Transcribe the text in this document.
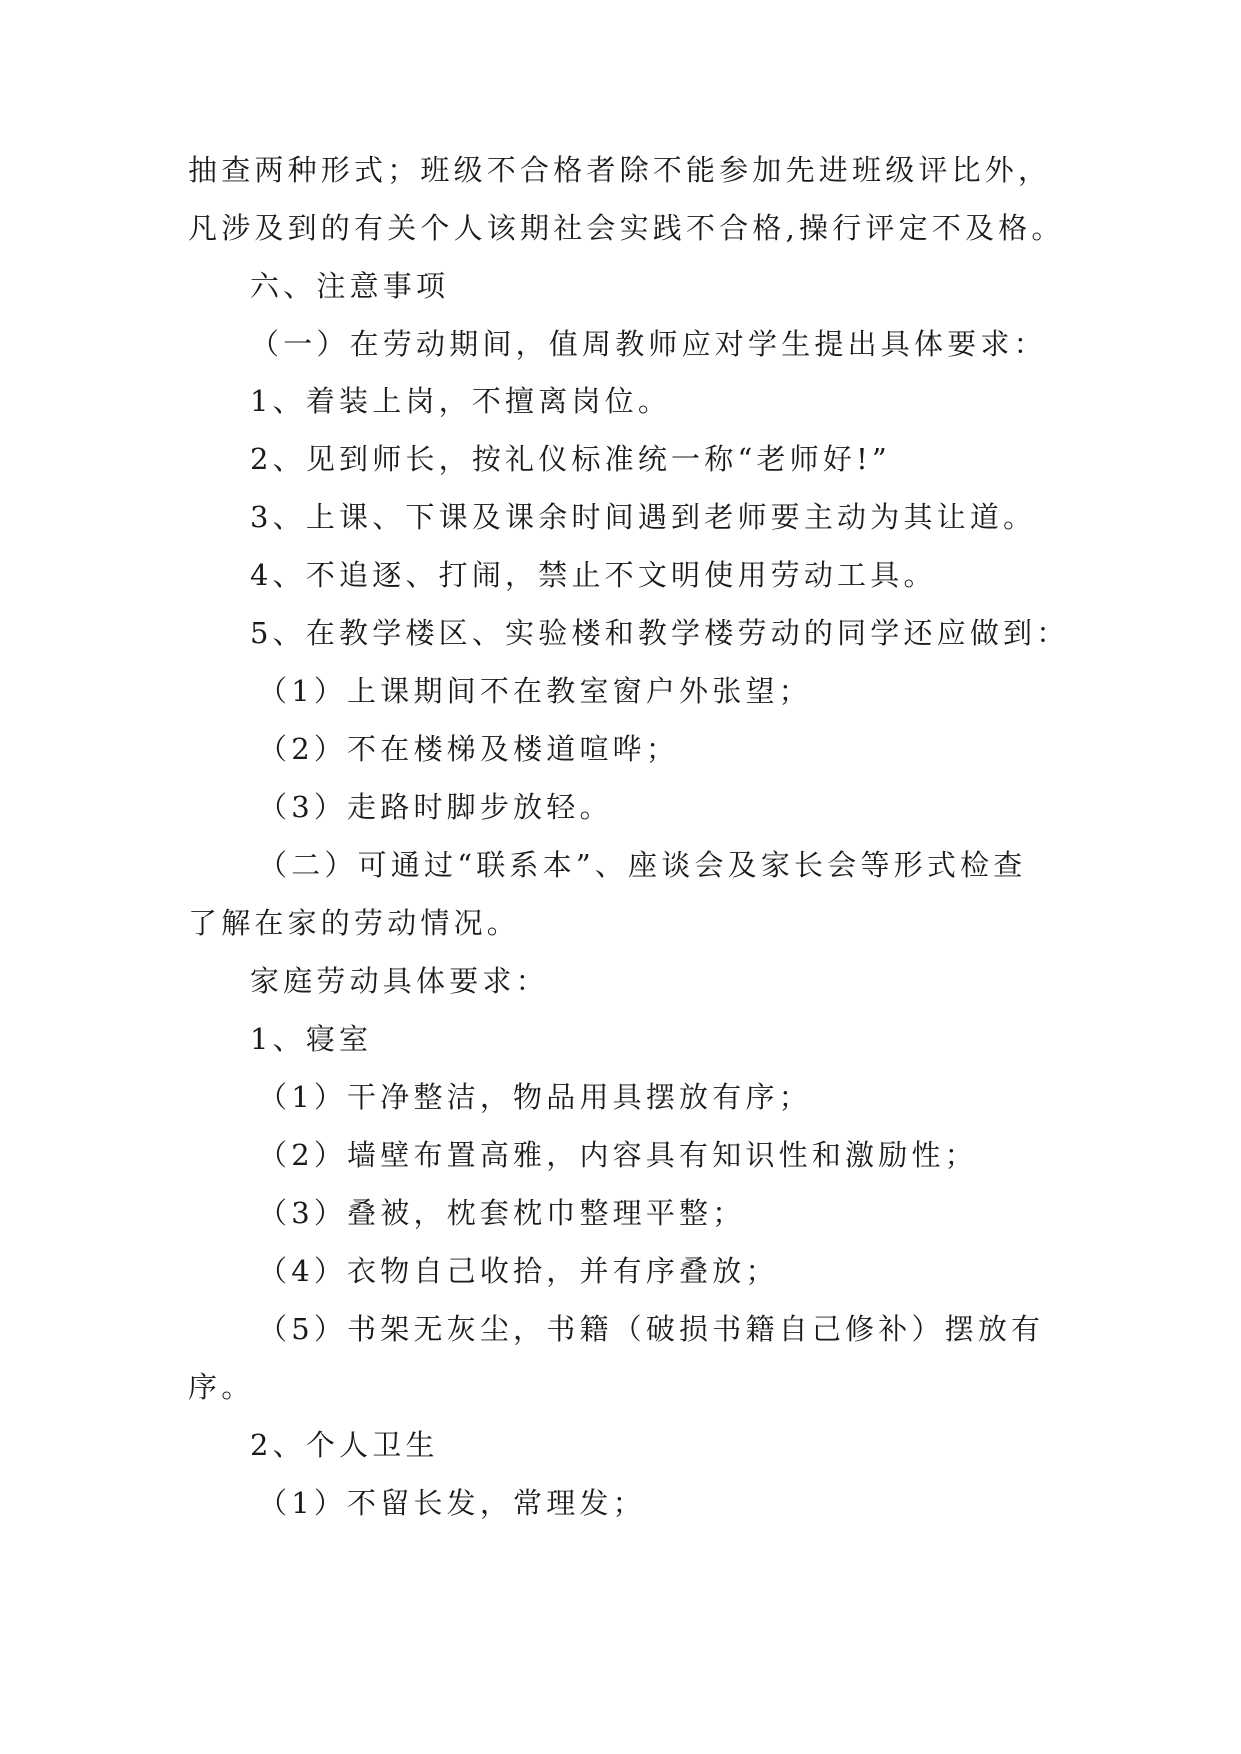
抽查两种形式；班级不合格者除不能参加先进班级评比外，
凡涉及到的有关个人该期社会实践不合格,操行评定不及格。
六、注意事项
（一）在劳动期间，值周教师应对学生提出具体要求：
1、着装上岗，不擅离岗位。
2、见到师长，按礼仪标准统一称“老师好!”
3、上课、下课及课余时间遇到老师要主动为其让道。
4、不追逐、打闹，禁止不文明使用劳动工具。
5、在教学楼区、实验楼和教学楼劳动的同学还应做到：
（1）上课期间不在教室窗户外张望；
（2）不在楼梯及楼道喧哗；
（3）走路时脚步放轻。
（二）可通过“联系本”、座谈会及家长会等形式检查
了解在家的劳动情况。
家庭劳动具体要求：
1、寝室
（1）干净整洁，物品用具摆放有序；
（2）墙壁布置高雅，内容具有知识性和激励性；
（3）叠被，枕套枕巾整理平整；
（4）衣物自己收拾，并有序叠放；
（5）书架无灰尘，书籍（破损书籍自己修补）摆放有
序。
2、个人卫生
（1）不留长发，常理发；
